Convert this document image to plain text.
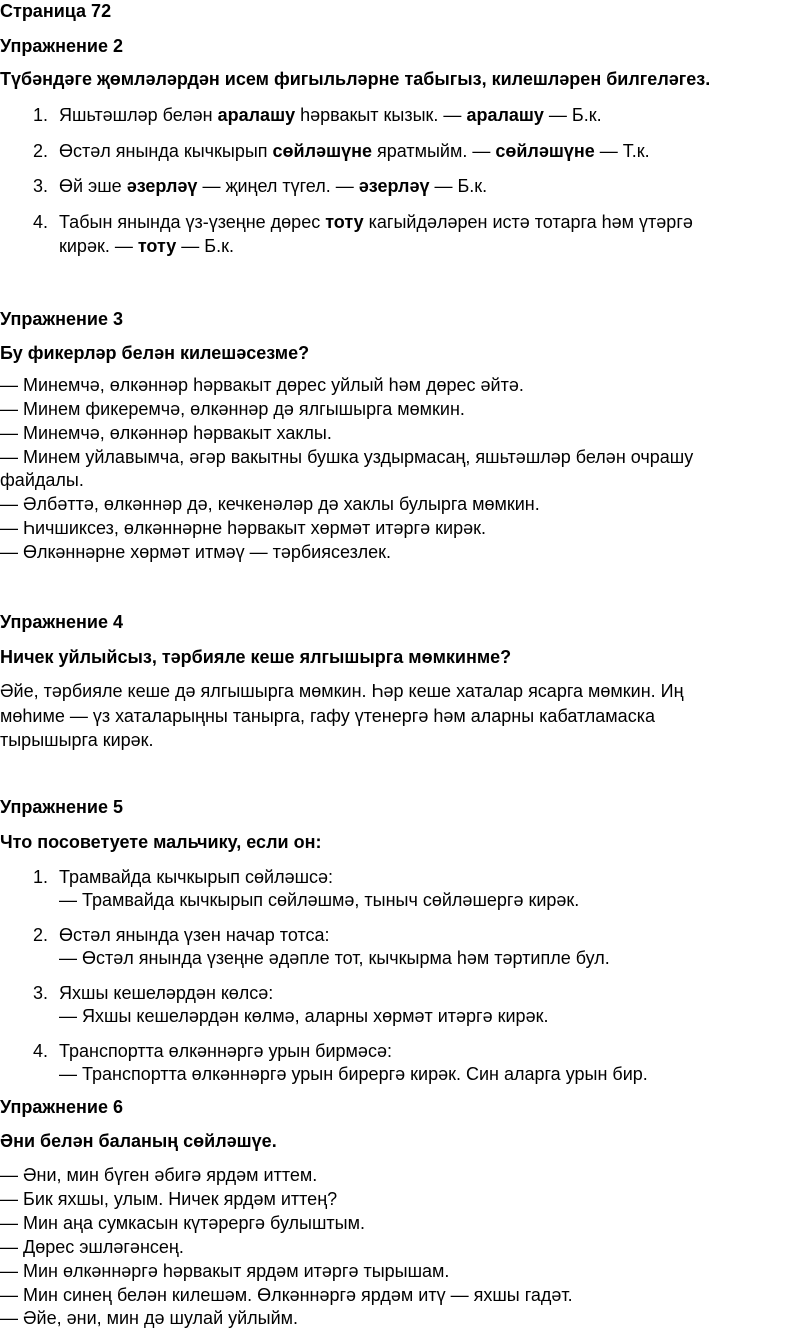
Страница 72
Упражнение 2
Түбәндәге җөмләләрдән исем фигыльләрне табыгыз, килешләрен билгеләгез.
1. Яшьтәшләр белән аралашу һәрвакыт кызык. — аралашу — Б.к.
2. Өстәл янында кычкырып сөйләшүне яратмыйм. — сөйләшүне — Т.к.
3. Өй эше әзерләү — җиңел түгел. — әзерләү — Б.к.
4. Табын янында үз-үзеңне дөрес тоту кагыйдәләрен истә тотарга һәм үтәргә
кирәк. — тоту — Б.к.
Упражнение 3
Бу фикерләр белән килешәсезме?
— Минемчә, өлкәннәр һәрвакыт дөрес уйлый һәм дөрес әйтә.
— Минем фикеремчә, өлкәннәр дә ялгышырга мөмкин.
— Минемчә, өлкәннәр һәрвакыт хаклы.
— Минем уйлавымча, әгәр вакытны бушка уздырмасаң, яшьтәшләр белән очрашу
файдалы.
— Әлбәттә, өлкәннәр дә, кечкенәләр дә хаклы булырга мөмкин.
— Һичшиксез, өлкәннәрне һәрвакыт хөрмәт итәргә кирәк.
— Өлкәннәрне хөрмәт итмәү — тәрбиясезлек.
Упражнение 4
Ничек уйлыйсыз, тәрбияле кеше ялгышырга мөмкинме?
Әйе, тәрбияле кеше дә ялгышырга мөмкин. Һәр кеше хаталар ясарга мөмкин. Иң
мөһиме — үз хаталарыңны танырга, гафу үтенергә һәм аларны кабатламаска
тырышырга кирәк.
Упражнение 5
Что посоветуете мальчику, если он:
1. Трамвайда кычкырып сөйләшсә:
— Трамвайда кычкырып сөйләшмә, тыныч сөйләшергә кирәк.
2. Өстәл янында үзен начар тотса:
— Өстәл янында үзеңне әдәпле тот, кычкырма һәм тәртипле бул.
3. Яхшы кешеләрдән көлсә:
— Яхшы кешеләрдән көлмә, аларны хөрмәт итәргә кирәк.
4. Транспортта өлкәннәргә урын бирмәсә:
— Транспортта өлкәннәргә урын бирергә кирәк. Син аларга урын бир.
Упражнение 6
Әни белән баланың сөйләшүе.
— Әни, мин бүген әбигә ярдәм иттем.
— Бик яхшы, улым. Ничек ярдәм иттең?
— Мин аңа сумкасын күтәрергә булыштым.
— Дөрес эшләгәнсең.
— Мин өлкәннәргә һәрвакыт ярдәм итәргә тырышам.
— Мин синең белән килешәм. Өлкәннәргә ярдәм итү — яхшы гадәт.
— Әйе, әни, мин дә шулай уйлыйм.
